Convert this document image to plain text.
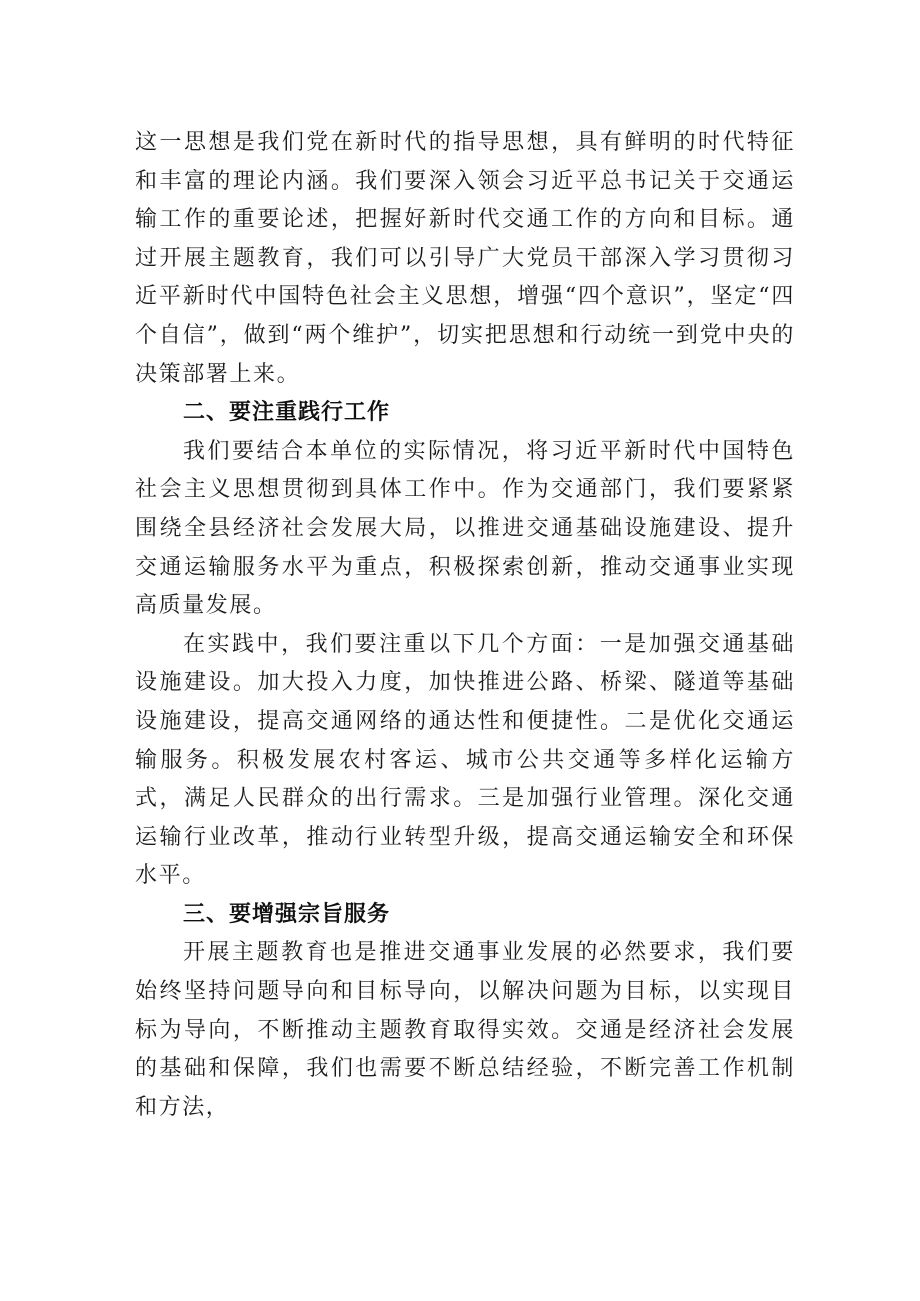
这一思想是我们党在新时代的指导思想，具有鲜明的时代特征和丰富的理论内涵。我们要深入领会习近平总书记关于交通运输工作的重要论述，把握好新时代交通工作的方向和目标。通过开展主题教育，我们可以引导广大党员干部深入学习贯彻习近平新时代中国特色社会主义思想，增强“四个意识”，坚定“四个自信”，做到“两个维护”，切实把思想和行动统一到党中央的决策部署上来。

二、要注重践行工作

我们要结合本单位的实际情况，将习近平新时代中国特色社会主义思想贯彻到具体工作中。作为交通部门，我们要紧紧围绕全县经济社会发展大局，以推进交通基础设施建设、提升交通运输服务水平为重点，积极探索创新，推动交通事业实现高质量发展。

在实践中，我们要注重以下几个方面：一是加强交通基础设施建设。加大投入力度，加快推进公路、桥梁、隧道等基础设施建设，提高交通网络的通达性和便捷性。二是优化交通运输服务。积极发展农村客运、城市公共交通等多样化运输方式，满足人民群众的出行需求。三是加强行业管理。深化交通运输行业改革，推动行业转型升级，提高交通运输安全和环保水平。

三、要增强宗旨服务

开展主题教育也是推进交通事业发展的必然要求，我们要始终坚持问题导向和目标导向，以解决问题为目标，以实现目标为导向，不断推动主题教育取得实效。交通是经济社会发展的基础和保障，我们也需要不断总结经验，不断完善工作机制和方法，
